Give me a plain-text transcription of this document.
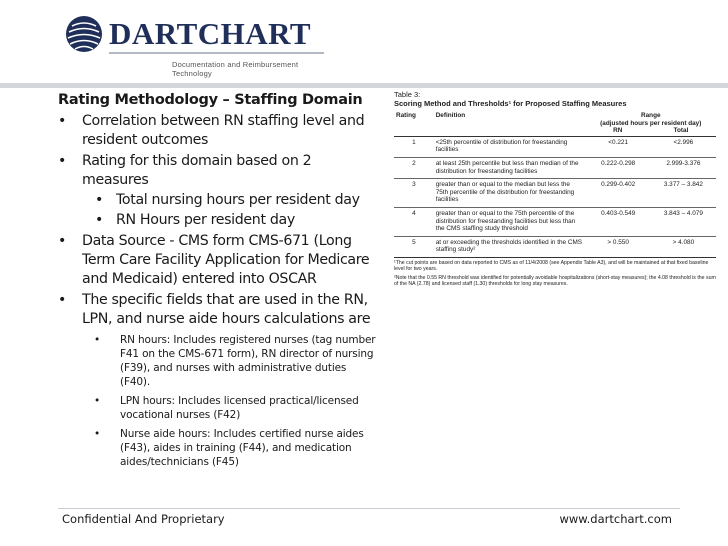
DARTCHART
Documentation and Reimbursement Technology
Rating Methodology – Staffing Domain
• Correlation between RN staffing level and resident outcomes
• Rating for this domain based on 2 measures
• Total nursing hours per resident day
• RN Hours per resident day
• Data Source - CMS form CMS-671 (Long Term Care Facility Application for Medicare and Medicaid) entered into OSCAR
• The specific fields that are used in the RN, LPN, and nurse aide hours calculations are
• RN hours: Includes registered nurses (tag number F41 on the CMS-671 form), RN director of nursing (F39), and nurses with administrative duties (F40).
• LPN hours: Includes licensed practical/licensed vocational nurses (F42)
• Nurse aide hours: Includes certified nurse aides (F43), aides in training (F44), and medication aides/technicians (F45)
Table 3:
Scoring Method and Thresholds¹ for Proposed Staffing Measures
Rating	Definition	Range
(adjusted hours per resident day)
RN Total	

1	<25th percentile of distribution for freestanding facilities	<0.221	<2.996
2	at least 25th percentile but less than median of the distribution for freestanding facilities	0.222-0.298	2.999-3.376
3	greater than or equal to the median but less the 75th percentile of the distribution for freestanding facilities	0.299-0.402	3.377 – 3.842
4	greater than or equal to the 75th percentile of the distribution for freestanding facilities but less than the CMS staffing study threshold	0.403-0.549	3.843 – 4.079
5	at or exceeding the thresholds identified in the CMS staffing study²	> 0.550	> 4.080

¹The cut points are based on data reported to CMS as of 11/4/2008 (see Appendix Table A3), and will be maintained at that fixed baseline level for two years.

²Note that the 0.55 RN threshold was identified for potentially avoidable hospitalizations (short-stay measures); the 4.08 threshold is the sum of the NA (2.78) and licensed staff (1.30) thresholds for long stay measures.

Confidential And Proprietary	www.dartchart.com
